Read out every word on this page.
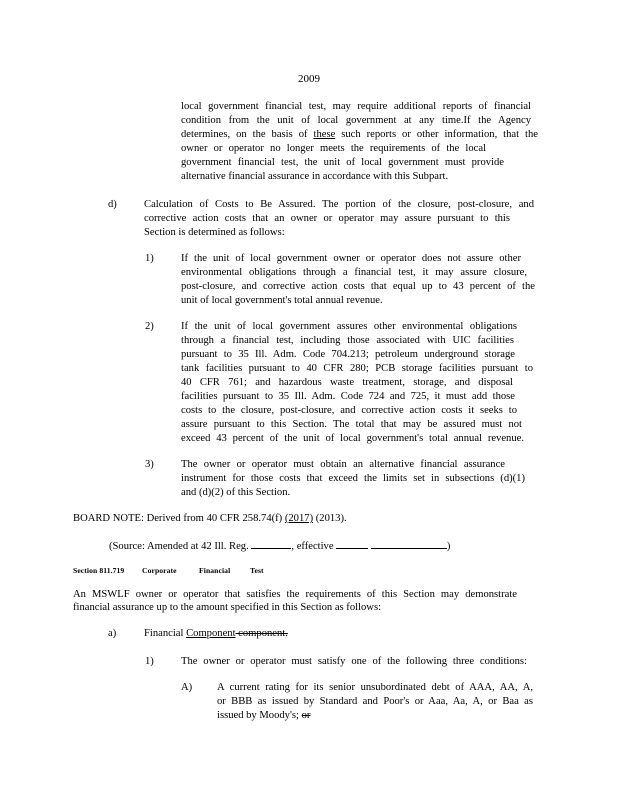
2009
local government financial test, may require additional reports of financial
condition from the unit of local government at any time.If the Agency
determines, on the basis of these such reports or other information, that the
owner or operator no longer meets the requirements of the local
government financial test, the unit of local government must provide
alternative financial assurance in accordance with this Subpart.
d)	Calculation of Costs to Be Assured. The portion of the closure, post-closure, and
corrective action costs that an owner or operator may assure pursuant to this
Section is determined as follows:
1)	If the unit of local government owner or operator does not assure other
environmental obligations through a financial test, it may assure closure,
post-closure, and corrective action costs that equal up to 43 percent of the
unit of local government's total annual revenue.
2)	If the unit of local government assures other environmental obligations
through a financial test, including those associated with UIC facilities
pursuant to 35 Ill. Adm. Code 704.213; petroleum underground storage
tank facilities pursuant to 40 CFR 280; PCB storage facilities pursuant to
40 CFR 761; and hazardous waste treatment, storage, and disposal
facilities pursuant to 35 Ill. Adm. Code 724 and 725, it must add those
costs to the closure, post-closure, and corrective action costs it seeks to
assure pursuant to this Section. The total that may be assured must not
exceed 43 percent of the unit of local government's total annual revenue.
3)	The owner or operator must obtain an alternative financial assurance
instrument for those costs that exceed the limits set in subsections (d)(1)
and (d)(2) of this Section.
BOARD NOTE: Derived from 40 CFR 258.74(f) (2017) (2013).
(Source: Amended at 42 Ill. Reg.	, effective	)
Section 811.719 Corporate	Financial	Test
An MSWLF owner or operator that satisfies the requirements of this Section may demonstrate
financial assurance up to the amount specified in this Section as follows:
a)	Financial Component component.
1)	The owner or operator must satisfy one of the following three conditions:
A) A current rating for its senior unsubordinated debt of AAA, AA, A,
or BBB as issued by Standard and Poor's or Aaa, Aa, A, or Baa as
issued by Moody's; or
